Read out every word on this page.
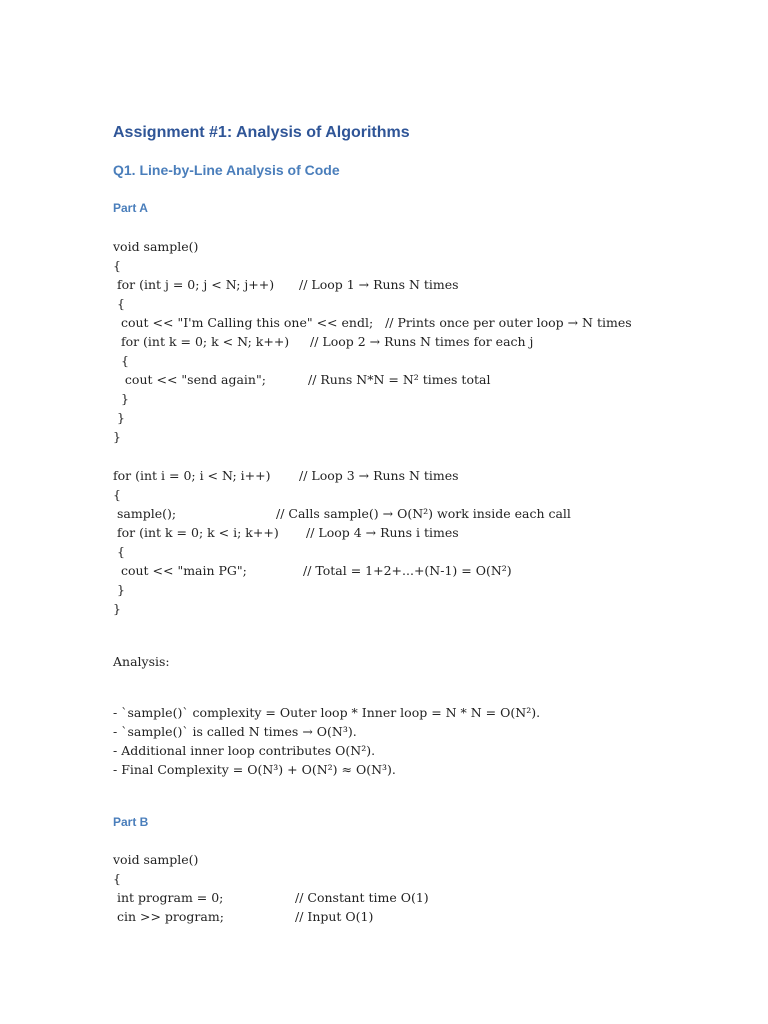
Assignment #1: Analysis of Algorithms
Q1. Line-by-Line Analysis of Code
Part A
void sample()
{
for (int j = 0; j < N; j++) // Loop 1 → Runs N times
{
cout << "I'm Calling this one" << endl;   // Prints once per outer loop → N times
for (int k = 0; k < N; k++) // Loop 2 → Runs N times for each j
{
cout << "send again";	// Runs N*N = N² times total
}
}
}
for (int i = 0; i < N; i++) // Loop 3 → Runs N times
{
sample();	// Calls sample() → O(N²) work inside each call
for (int k = 0; k < i; k++) // Loop 4 → Runs i times
{
cout << "main PG";	// Total = 1+2+...+(N-1) = O(N²)
}
}
Analysis:
- `sample()` complexity = Outer loop * Inner loop = N * N = O(N²).
- `sample()` is called N times → O(N³).
- Additional inner loop contributes O(N²).
- Final Complexity = O(N³) + O(N²) ≈ O(N³).
Part B
void sample()
{
int program = 0;	// Constant time O(1)
cin >> program;	// Input O(1)
